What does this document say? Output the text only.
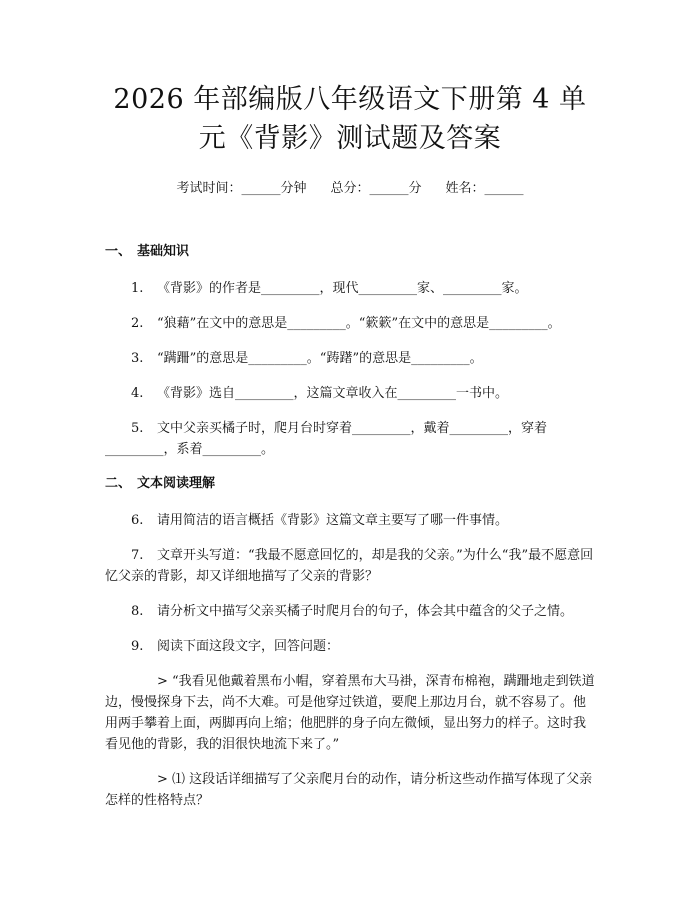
2026 年部编版八年级语文下册第 4 单元《背影》测试题及答案
考试时间：______分钟 总分：______分 姓名：______
一、 基础知识
1. 《背影》的作者是_________，现代_________家、_________家。
2. “狼藉”在文中的意思是_________。“簌簌”在文中的意思是_________。
3. “蹒跚”的意思是_________。“踌躇”的意思是_________。
4. 《背影》选自_________，这篇文章收入在_________一书中。
5. 文中父亲买橘子时，爬月台时穿着_________，戴着_________，穿着_________，系着_________。
二、 文本阅读理解
6. 请用简洁的语言概括《背影》这篇文章主要写了哪一件事情。
7. 文章开头写道：“我最不愿意回忆的，却是我的父亲。”为什么“我”最不愿意回忆父亲的背影，却又详细地描写了父亲的背影？
8. 请分析文中描写父亲买橘子时爬月台的句子，体会其中蕴含的父子之情。
9. 阅读下面这段文字，回答问题：
> “我看见他戴着黑布小帽，穿着黑布大马褂，深青布棉袍，蹒跚地走到铁道边，慢慢探身下去，尚不大难。可是他穿过铁道，要爬上那边月台，就不容易了。他用两手攀着上面，两脚再向上缩；他肥胖的身子向左微倾，显出努力的样子。这时我看见他的背影，我的泪很快地流下来了。”
> ⑴ 这段话详细描写了父亲爬月台的动作，请分析这些动作描写体现了父亲怎样的性格特点？
